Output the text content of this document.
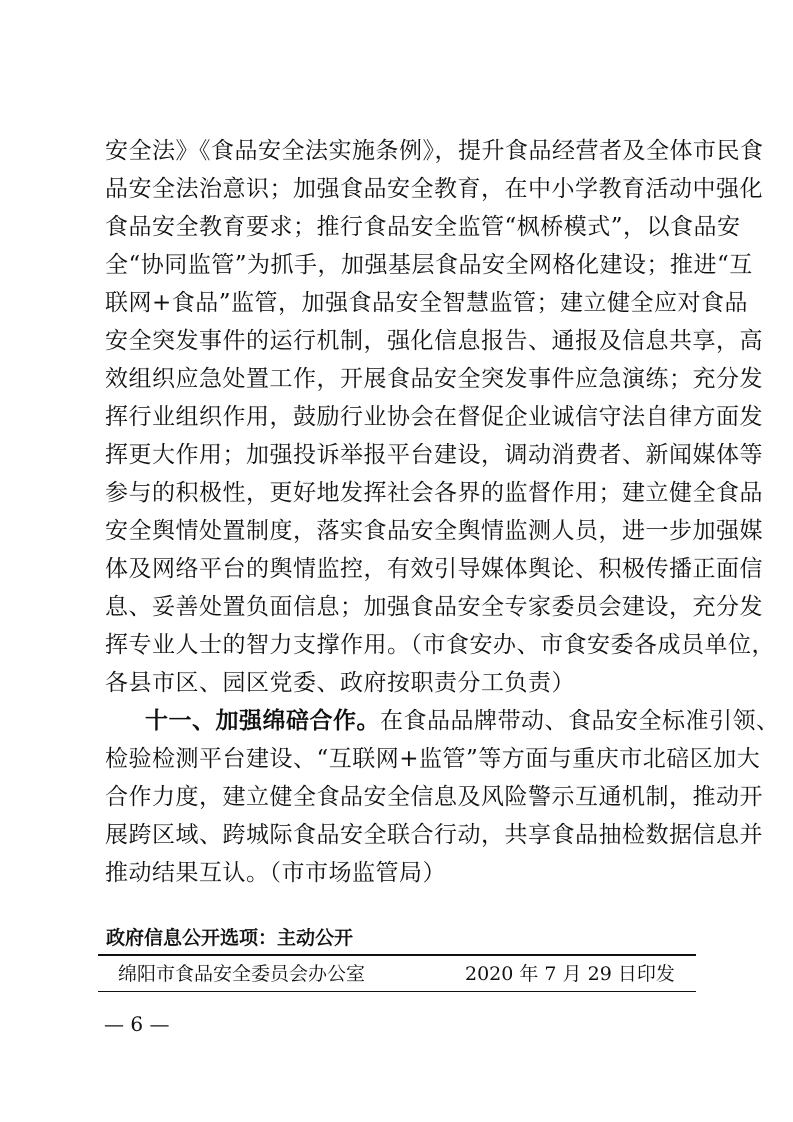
安全法》《食品安全法实施条例》，提升食品经营者及全体市民食
品安全法治意识；加强食品安全教育，在中小学教育活动中强化
食品安全教育要求；推行食品安全监管“枫桥模式”，以食品安
全“协同监管”为抓手，加强基层食品安全网格化建设；推进“互
联网+食品”监管，加强食品安全智慧监管；建立健全应对食品
安全突发事件的运行机制，强化信息报告、通报及信息共享，高
效组织应急处置工作，开展食品安全突发事件应急演练；充分发
挥行业组织作用，鼓励行业协会在督促企业诚信守法自律方面发
挥更大作用；加强投诉举报平台建设，调动消费者、新闻媒体等
参与的积极性，更好地发挥社会各界的监督作用；建立健全食品
安全舆情处置制度，落实食品安全舆情监测人员，进一步加强媒
体及网络平台的舆情监控，有效引导媒体舆论、积极传播正面信
息、妥善处置负面信息；加强食品安全专家委员会建设，充分发
挥专业人士的智力支撑作用。（市食安办、市食安委各成员单位，
各县市区、园区党委、政府按职责分工负责）
十一、加强绵碚合作。在食品品牌带动、食品安全标准引领、
检验检测平台建设、“互联网+监管”等方面与重庆市北碚区加大
合作力度，建立健全食品安全信息及风险警示互通机制，推动开
展跨区域、跨城际食品安全联合行动，共享食品抽检数据信息并
推动结果互认。（市市场监管局）
政府信息公开选项：主动公开
绵阳市食品安全委员会办公室	2020 年 7 月 29 日印发
— 6 —
